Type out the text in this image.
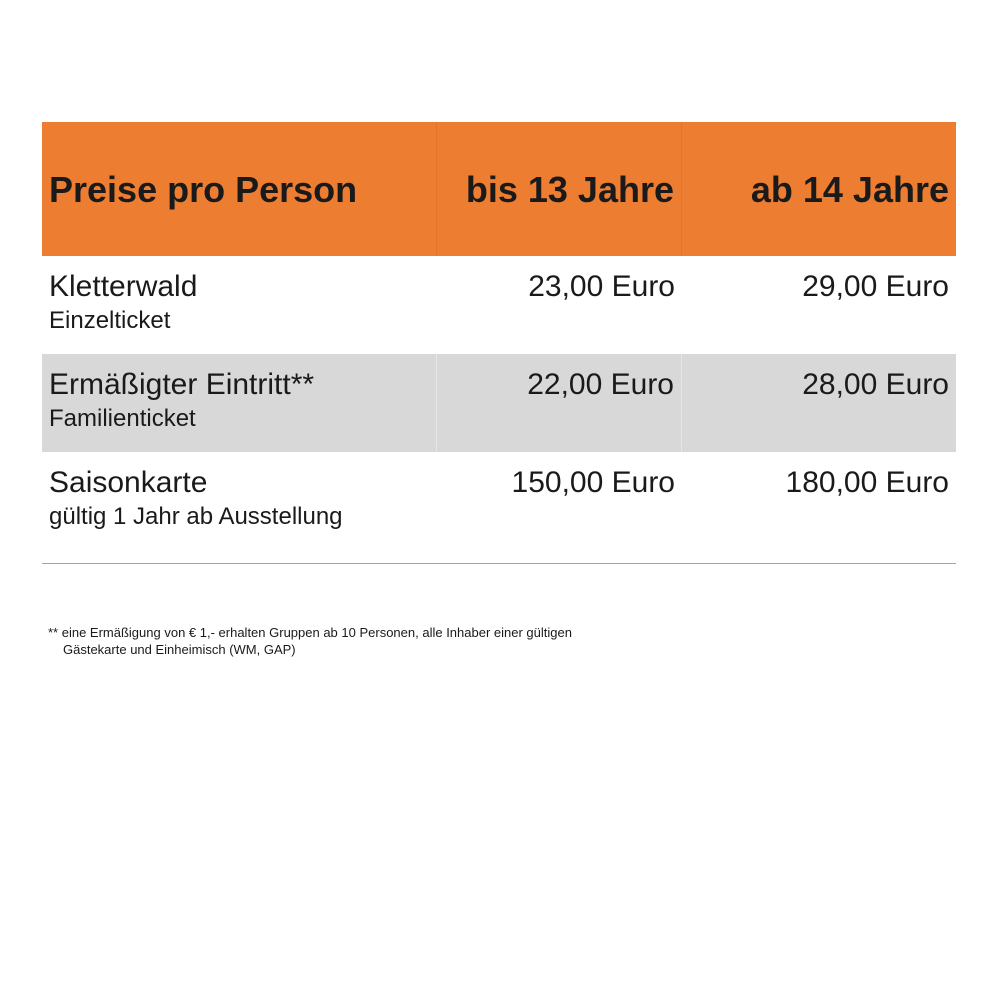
Preise pro Person	bis 13 Jahre	ab 14 Jahre
Kletterwald
Einzelticket
23,00 Euro	29,00 Euro
Ermäßigter Eintritt**
Familienticket
22,00 Euro	28,00 Euro
Saisonkarte
gültig 1 Jahr ab Ausstellung
150,00 Euro	180,00 Euro
** eine Ermäßigung von € 1,- erhalten Gruppen ab 10 Personen, alle Inhaber einer gültigen
Gästekarte und Einheimisch (WM, GAP)
